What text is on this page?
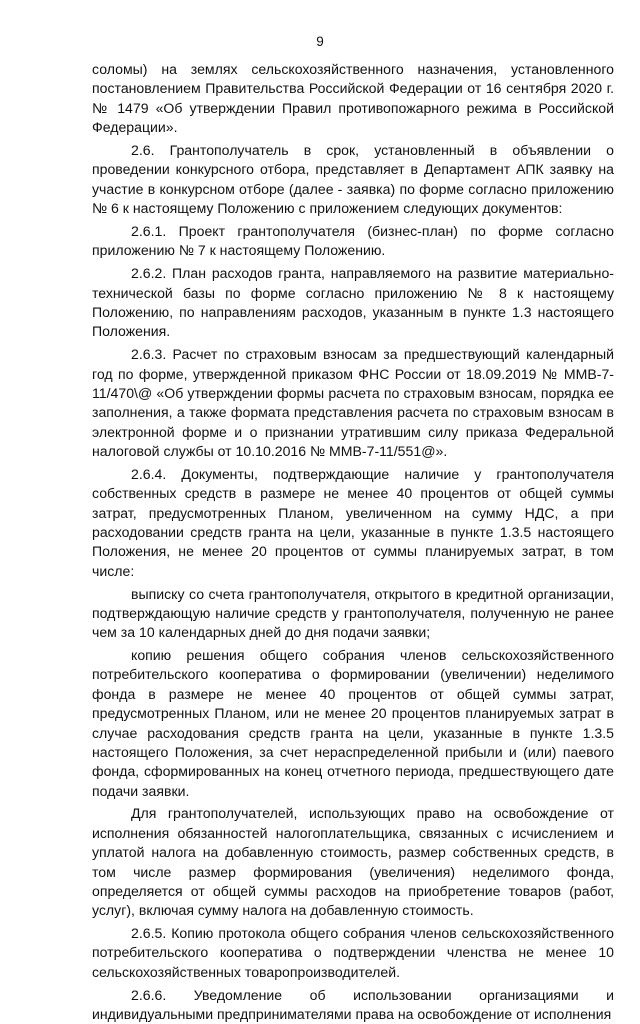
9

соломы) на землях сельскохозяйственного назначения, установленного постановлением Правительства Российской Федерации от 16 сентября 2020 г. № 1479 «Об утверждении Правил противопожарного режима в Российской Федерации».

2.6. Грантополучатель в срок, установленный в объявлении о проведении конкурсного отбора, представляет в Департамент АПК заявку на участие в конкурсном отборе (далее - заявка) по форме согласно приложению № 6 к настоящему Положению с приложением следующих документов:

2.6.1. Проект грантополучателя (бизнес-план) по форме согласно приложению № 7 к настоящему Положению.

2.6.2. План расходов гранта, направляемого на развитие материально-технической базы по форме согласно приложению № 8 к настоящему Положению, по направлениям расходов, указанным в пункте 1.3 настоящего Положения.

2.6.3. Расчет по страховым взносам за предшествующий календарный год по форме, утвержденной приказом ФНС России от 18.09.2019 № ММВ-7-11/470\@ «Об утверждении формы расчета по страховым взносам, порядка ее заполнения, а также формата представления расчета по страховым взносам в электронной форме и о признании утратившим силу приказа Федеральной налоговой службы от 10.10.2016 № ММВ-7-11/551@».

2.6.4. Документы, подтверждающие наличие у грантополучателя собственных средств в размере не менее 40 процентов от общей суммы затрат, предусмотренных Планом, увеличенном на сумму НДС, а при расходовании средств гранта на цели, указанные в пункте 1.3.5 настоящего Положения, не менее 20 процентов от суммы планируемых затрат, в том числе:

выписку со счета грантополучателя, открытого в кредитной организации, подтверждающую наличие средств у грантополучателя, полученную не ранее чем за 10 календарных дней до дня подачи заявки;

копию решения общего собрания членов сельскохозяйственного потребительского кооператива о формировании (увеличении) неделимого фонда в размере не менее 40 процентов от общей суммы затрат, предусмотренных Планом, или не менее 20 процентов планируемых затрат в случае расходования средств гранта на цели, указанные в пункте 1.3.5 настоящего Положения, за счет нераспределенной прибыли и (или) паевого фонда, сформированных на конец отчетного периода, предшествующего дате подачи заявки.

Для грантополучателей, использующих право на освобождение от исполнения обязанностей налогоплательщика, связанных с исчислением и уплатой налога на добавленную стоимость, размер собственных средств, в том числе размер формирования (увеличения) неделимого фонда, определяется от общей суммы расходов на приобретение товаров (работ, услуг), включая сумму налога на добавленную стоимость.

2.6.5. Копию протокола общего собрания членов сельскохозяйственного потребительского кооператива о подтверждении членства не менее 10 сельскохозяйственных товаропроизводителей.

2.6.6. Уведомление об использовании организациями и индивидуальными предпринимателями права на освобождение от исполнения
